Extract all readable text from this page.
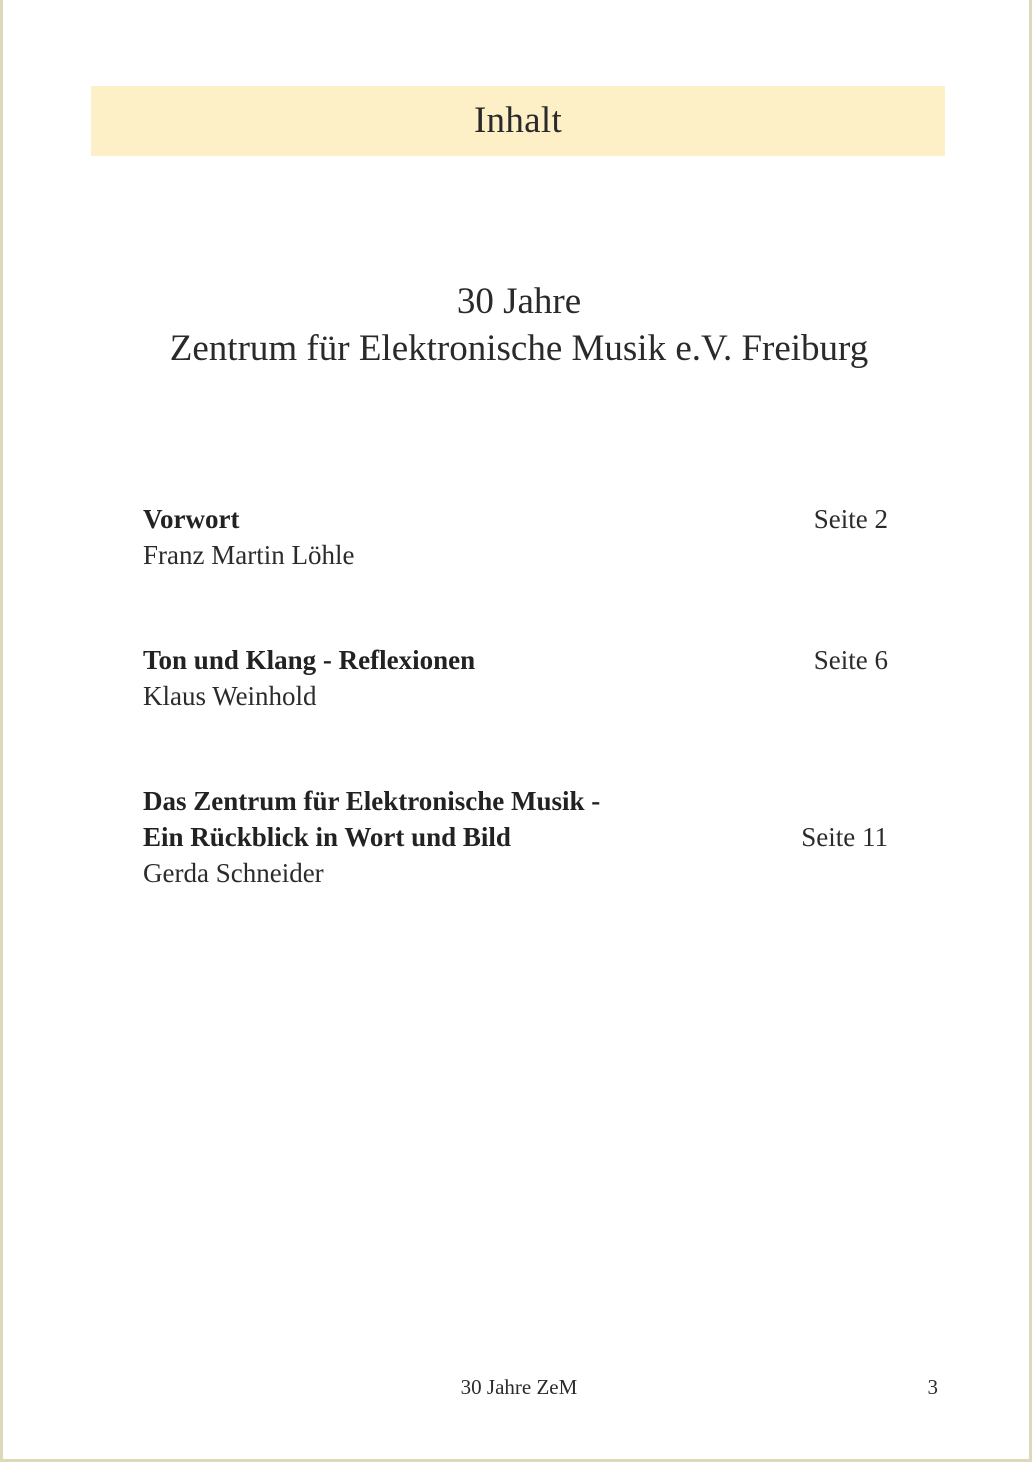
Inhalt
30 Jahre
Zentrum für Elektronische Musik e.V. Freiburg
Vorwort
Franz Martin Löhle
Seite 2
Ton und Klang - Reflexionen
Klaus Weinhold
Seite 6
Das Zentrum für Elektronische Musik -
Ein Rückblick in Wort und Bild
Gerda Schneider
Seite 11
30 Jahre ZeM	3
